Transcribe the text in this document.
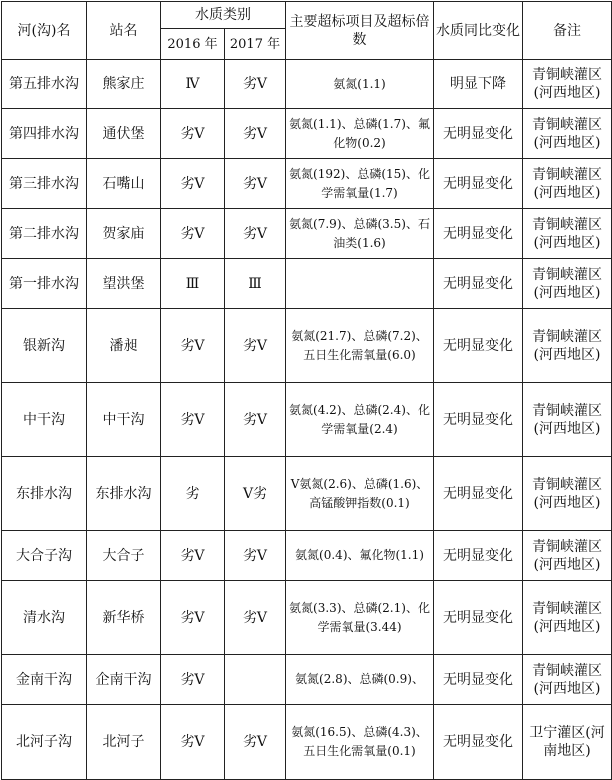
河(沟)名	站名	水质类别		主要超标项目及超标倍数	水质同比变化	备注
		2016 年	2017 年			
第五排水沟	熊家庄	Ⅳ	劣Ⅴ	氨氮(1.1)	明显下降	青铜峡灌区(河西地区)
第四排水沟	通伏堡	劣Ⅴ	劣Ⅴ	氨氮(1.1)、总磷(1.7)、氟化物(0.2)	无明显变化	青铜峡灌区(河西地区)
第三排水沟	石嘴山	劣Ⅴ	劣Ⅴ	氨氮(192)、总磷(15)、化学需氧量(1.7)	无明显变化	青铜峡灌区(河西地区)
第二排水沟	贺家庙	劣Ⅴ	劣Ⅴ	氨氮(7.9)、总磷(3.5)、石油类(1.6)	无明显变化	青铜峡灌区(河西地区)
第一排水沟	望洪堡	Ⅲ	Ⅲ		无明显变化	青铜峡灌区(河西地区)
银新沟	潘昶	劣Ⅴ	劣Ⅴ	氨氮(21.7)、总磷(7.2)、五日生化需氧量(6.0)	无明显变化	青铜峡灌区(河西地区)
中干沟	中干沟	劣Ⅴ	劣Ⅴ	氨氮(4.2)、总磷(2.4)、化学需氧量(2.4)	无明显变化	青铜峡灌区(河西地区)
东排水沟	东排水沟	劣	Ⅴ劣	Ⅴ氨氮(2.6)、总磷(1.6)、高锰酸钾指数(0.1)	无明显变化	青铜峡灌区(河西地区)
大合子沟	大合子	劣Ⅴ	劣Ⅴ	氨氮(0.4)、氟化物(1.1)	无明显变化	青铜峡灌区(河西地区)
清水沟	新华桥	劣Ⅴ	劣Ⅴ	氨氮(3.3)、总磷(2.1)、化学需氧量(3.44)	无明显变化	青铜峡灌区(河西地区)
金南干沟	企南干沟	劣Ⅴ		氨氮(2.8)、总磷(0.9)、	无明显变化	青铜峡灌区(河西地区)
北河子沟	北河子	劣Ⅴ	劣Ⅴ	氨氮(16.5)、总磷(4.3)、五日生化需氧量(0.1)	无明显变化	卫宁灌区(河南地区)
